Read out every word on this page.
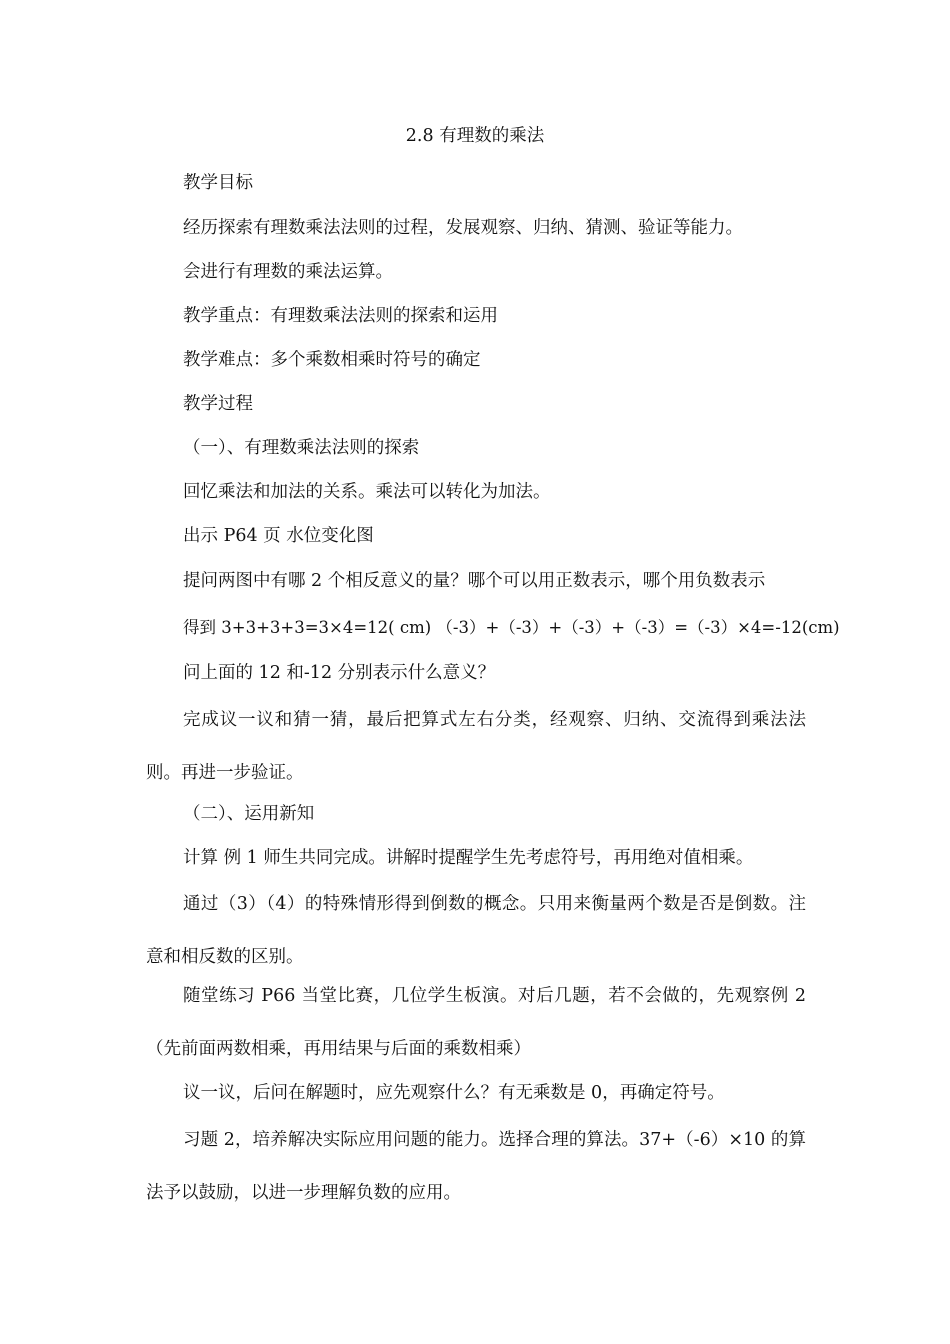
2.8 有理数的乘法
教学目标
经历探索有理数乘法法则的过程，发展观察、归纳、猜测、验证等能力。
会进行有理数的乘法运算。
教学重点：有理数乘法法则的探索和运用
教学难点：多个乘数相乘时符号的确定
教学过程
（一）、有理数乘法法则的探索
回忆乘法和加法的关系。乘法可以转化为加法。
出示 P64 页 水位变化图
提问两图中有哪 2 个相反意义的量？哪个可以用正数表示，哪个用负数表示
得到 3+3+3+3=3×4=12( cm) （-3）+（-3）+（-3）+（-3）=（-3）×4=-12(cm)
问上面的 12 和-12 分别表示什么意义？
完成议一议和猜一猜，最后把算式左右分类，经观察、归纳、交流得到乘法法则。再进一步验证。
（二）、运用新知
计算 例 1 师生共同完成。讲解时提醒学生先考虑符号，再用绝对值相乘。
通过（3）（4）的特殊情形得到倒数的概念。只用来衡量两个数是否是倒数。注意和相反数的区别。
随堂练习 P66 当堂比赛，几位学生板演。对后几题，若不会做的，先观察例 2（先前面两数相乘，再用结果与后面的乘数相乘）
议一议，后问在解题时，应先观察什么？有无乘数是 0，再确定符号。
习题 2，培养解决实际应用问题的能力。选择合理的算法。37+（-6）×10 的算法予以鼓励，以进一步理解负数的应用。
